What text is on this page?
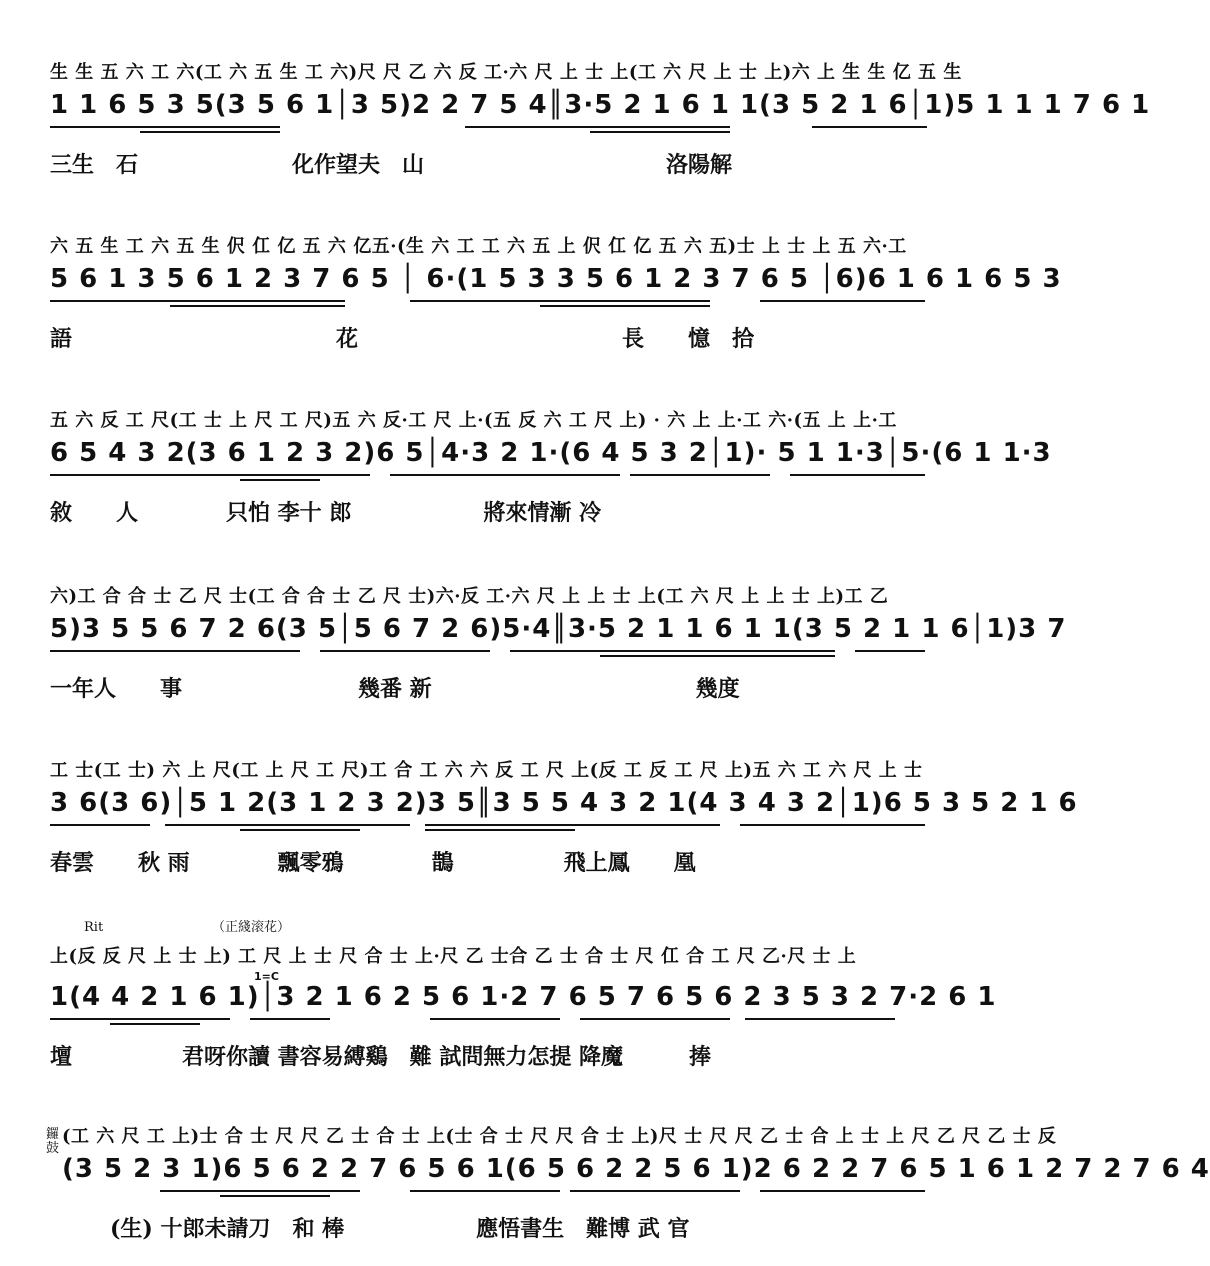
生 生 五 六 工 六(工 六 五 生 工 六)尺 尺 乙 六 反 工·六 尺 上 士 上(工 六 尺 上 士 上)六 上 生 生 亿 五 生
1 1 6 5 3 5(3 5 6 1│3 5)2 2 7 5 4║3·5 2 1 6 1 1(3 5 2 1 6│1)5 1 1 1 7 6 1
三生　石　　　　　　　化作望夫　山　　　　　　　　　　　洛陽解
六 五 生 工 六 五 生 伬 仜 亿 五 六 亿五·(生 六 工 工 六 五 上 伬 仜 亿 五 六 五)士 上 士 上 五 六·工
5 6 1 3 5 6 1 2 3 7 6 5 │ 6·(1 5 3 3 5 6 1 2 3 7 6 5 │6)6 1 6 1 6 5 3
語　　　　　　　　　　　　花　　　　　　　　　　　　長　　憶　拾
五 六 反 工 尺(工 士 上 尺 工 尺)五 六 反·工 尺 上·(五 反 六 工 尺 上) · 六 上 上·工 六·(五 上 上·工
6 5 4 3 2(3 6 1 2 3 2)6 5│4·3 2 1·(6 4 5 3 2│1)· 5 1 1·3│5·(6 1 1·3
敘　　人　　　　只怕 李十 郎　　　　　　將來情漸 冷
六)工 合 合 士 乙 尺 士(工 合 合 士 乙 尺 士)六·反 工·六 尺 上 上 士 上(工 六 尺 上 上 士 上)工 乙
5)3 5 5 6 7 2 6(3 5│5 6 7 2 6)5·4║3·5 2 1 1 6 1 1(3 5 2 1 1 6│1)3 7
一年人　　事　　　　　　　　幾番 新　　　　　　　　　　　　幾度
工 士(工 士) 六 上 尺(工 上 尺 工 尺)工 合 工 六 六 反 工 尺 上(反 工 反 工 尺 上)五 六 工 六 尺 上 士
3 6(3 6)│5 1 2(3 1 2 3 2)3 5║3 5 5 4 3 2 1(4 3 4 3 2│1)6 5 3 5 2 1 6
春雲　　秋 雨　　　　飄零鴉　　　　鵲　　　　　飛上鳳　　凰
Rit	（正綫滚花）
上(反 反 尺 上 士 上) 工 尺 上 士 尺 合 士 上·尺 乙 士合 乙 士 合 士 尺 仜 合 工 尺 乙·尺 士 上
1=C
1(4 4 2 1 6 1)│3 2 1 6 2 5 6 1·2 7 6 5 7 6 5 6 2 3 5 3 2 7·2 6 1
壇　　　　　君呀你讀 書容易縛鷄　難 試問無力怎提 降魔　　　捧
鑼鼓
(工 六 尺 工 上)士 合 士 尺 尺 乙 士 合 士 上(士 合 士 尺 尺 合 士 上)尺 士 尺 尺 乙 士 合 上 士 上 尺 乙 尺 乙 士 反
(3 5 2 3 1)6 5 6 2 2 7 6 5 6 1(6 5 6 2 2 5 6 1)2 6 2 2 7 6 5 1 6 1 2 7 2 7 6 4
(生) 十郎未請刀　和 棒　　　　　　應悟書生　難博 武 官
